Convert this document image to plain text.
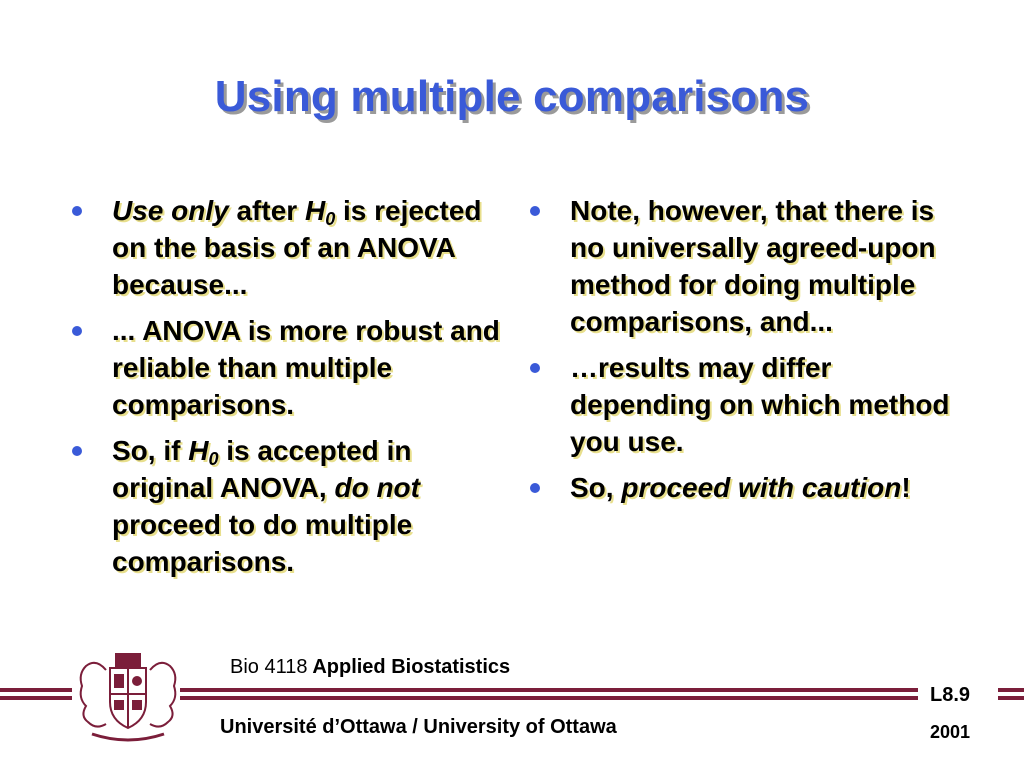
Using multiple comparisons
Use only after $H_0$ is rejected on the basis of an ANOVA because...
... ANOVA is more robust and reliable than multiple comparisons.
So, if $H_0$ is accepted in original ANOVA, do not proceed to do multiple comparisons.
Note, however, that there is no universally agreed-upon method for doing multiple comparisons, and...
…results may differ depending on which method you use.
So, proceed with caution!
Bio 4118 Applied Biostatistics
L8.9
Université d’Ottawa / University of Ottawa	2001
